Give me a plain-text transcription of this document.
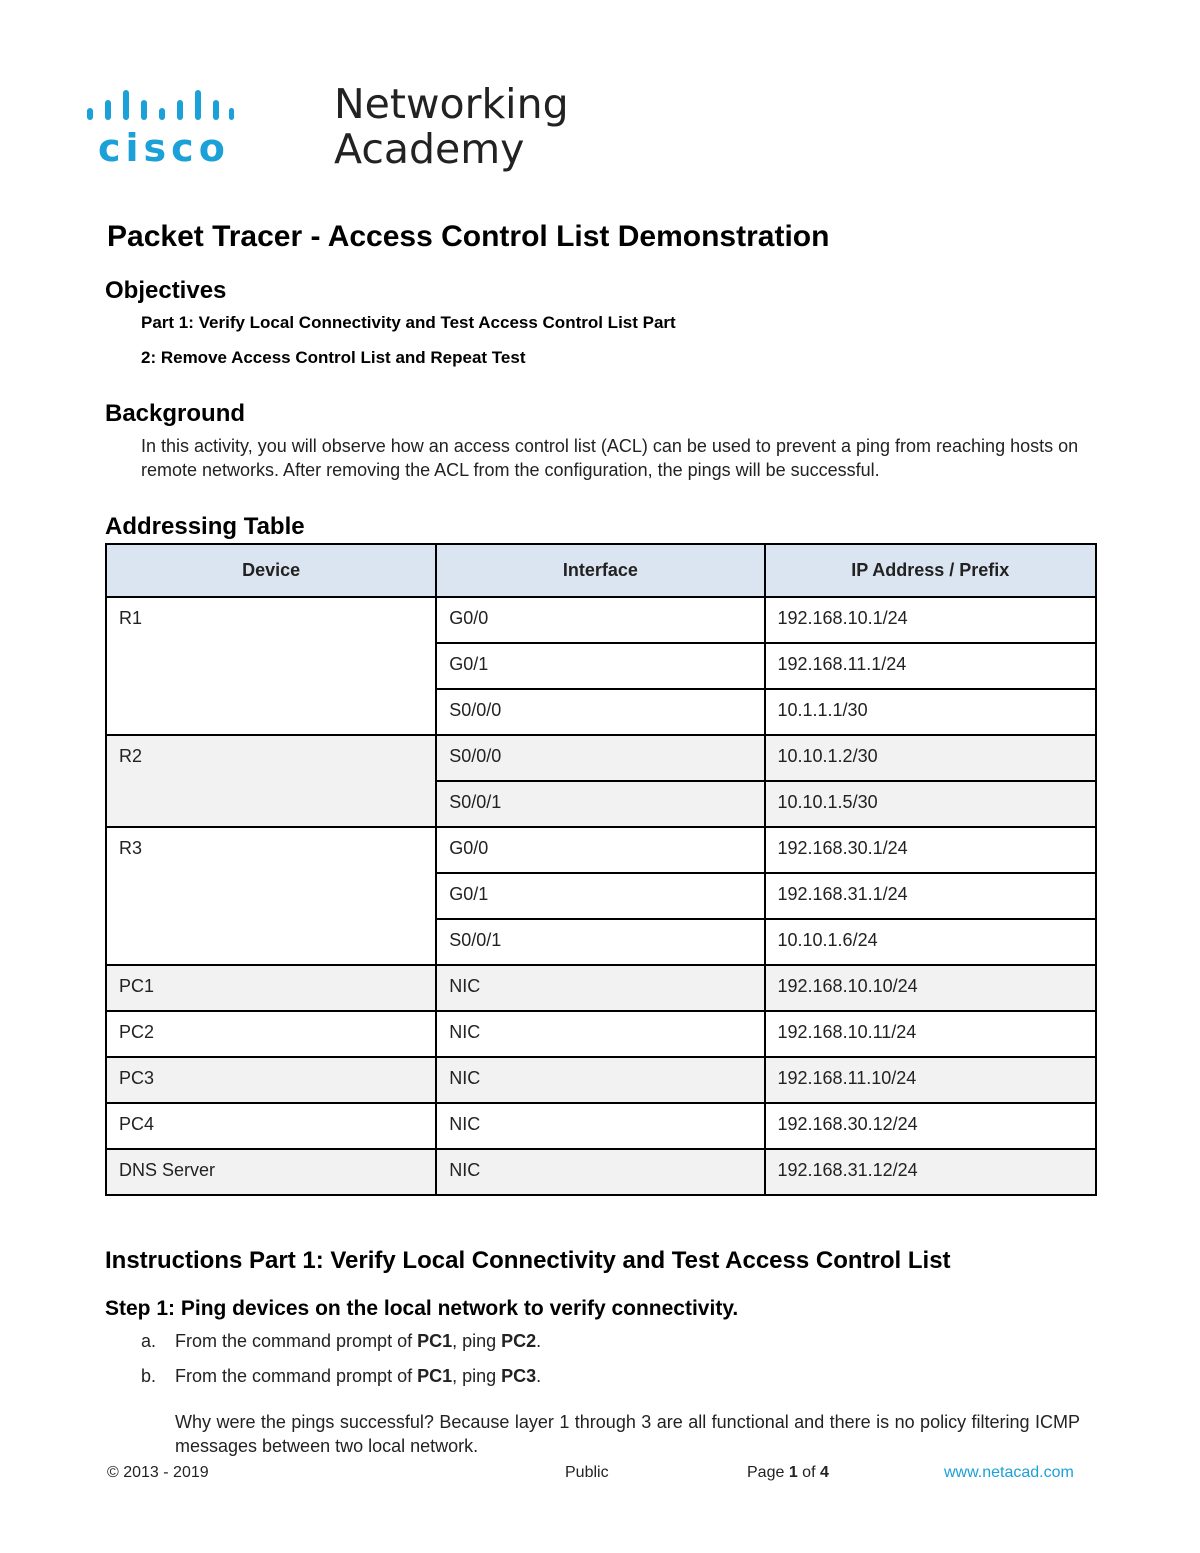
cisco
Networking
Academy
Packet Tracer - Access Control List Demonstration
Objectives
Part 1: Verify Local Connectivity and Test Access Control List Part
2: Remove Access Control List and Repeat Test
Background
In this activity, you will observe how an access control list (ACL) can be used to prevent a ping from reaching hosts on remote networks. After removing the ACL from the configuration, the pings will be successful.
Addressing Table
Device	Interface	IP Address / Prefix
R1	G0/0	192.168.10.1/24
	G0/1	192.168.11.1/24
	S0/0/0	10.1.1.1/30
R2	S0/0/0	10.10.1.2/30
	S0/0/1	10.10.1.5/30
R3	G0/0	192.168.30.1/24
	G0/1	192.168.31.1/24
	S0/0/1	10.10.1.6/24
PC1	NIC	192.168.10.10/24
PC2	NIC	192.168.10.11/24
PC3	NIC	192.168.11.10/24
PC4	NIC	192.168.30.12/24
DNS Server	NIC	192.168.31.12/24
Instructions Part 1: Verify Local Connectivity and Test Access Control List
Step 1: Ping devices on the local network to verify connectivity.
a. From the command prompt of PC1, ping PC2.
b. From the command prompt of PC1, ping PC3.
Why were the pings successful? Because layer 1 through 3 are all functional and there is no policy filtering ICMP messages between two local network.
© 2013 - 2019	Public	Page 1 of 4	www.netacad.com
